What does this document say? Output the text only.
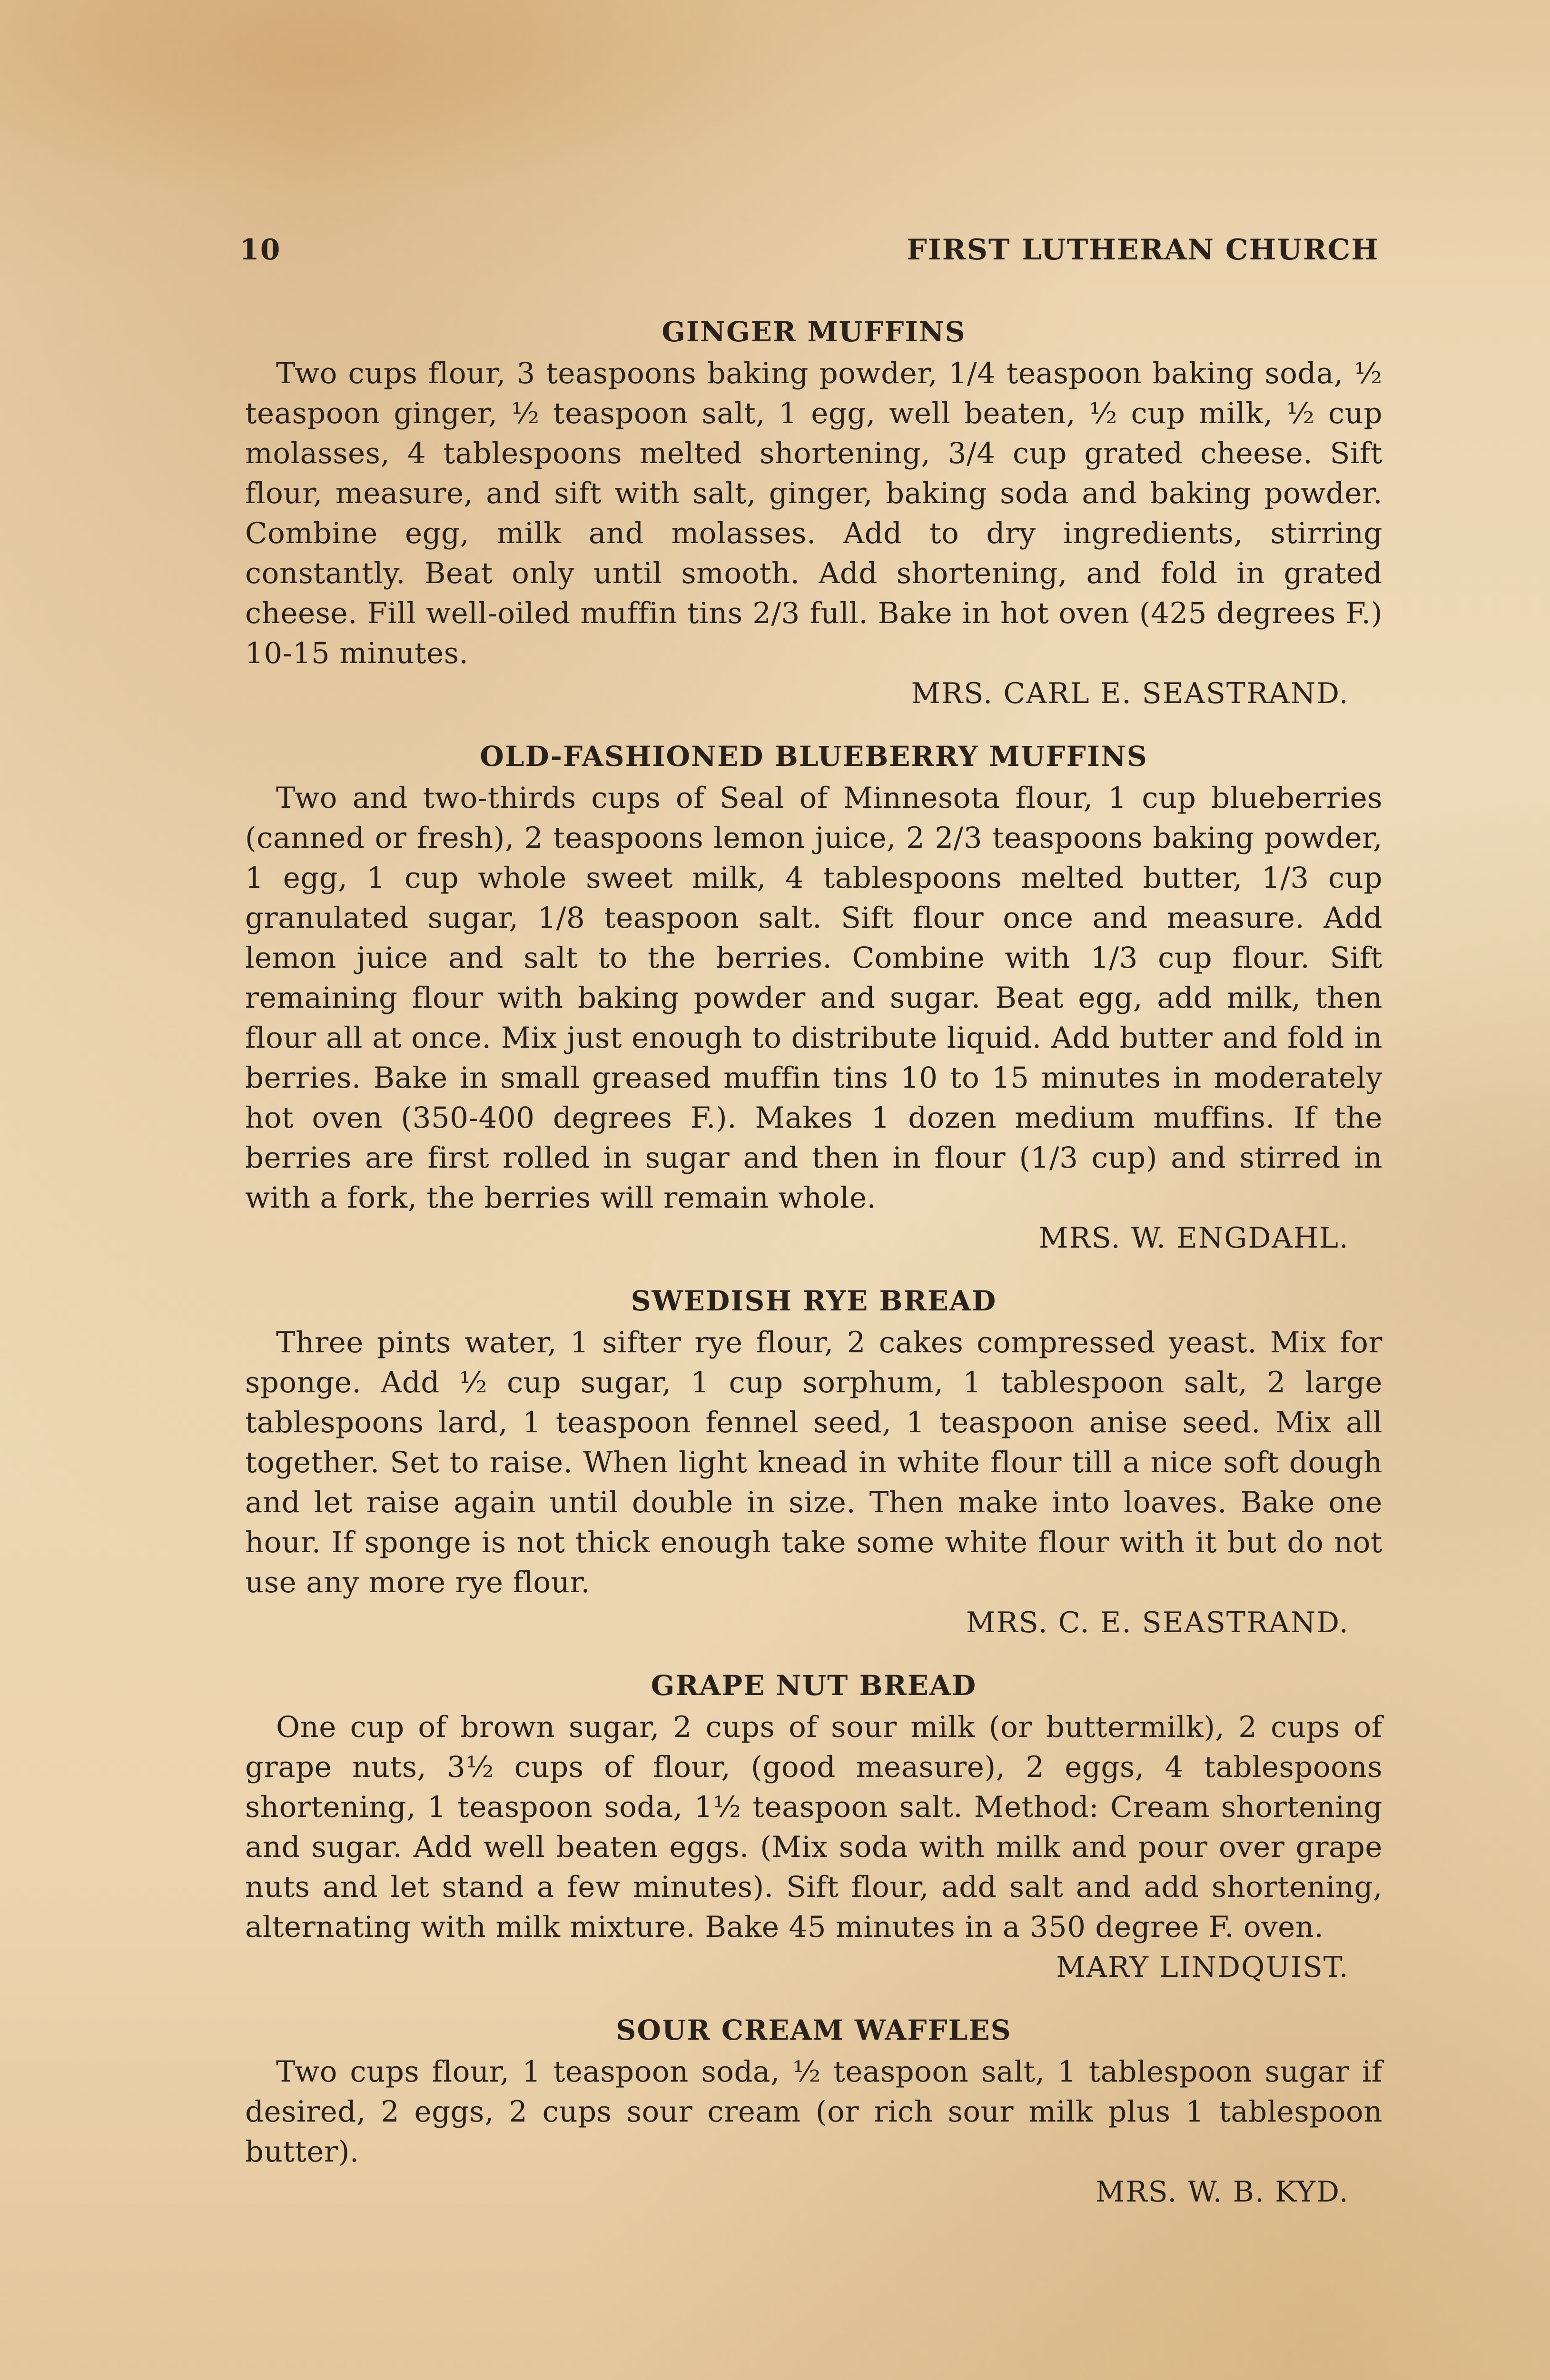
10	FIRST LUTHERAN CHURCH
GINGER MUFFINS

Two cups flour, 3 teaspoons baking powder, 1/4 teaspoon baking soda, ½ teaspoon ginger, ½ teaspoon salt, 1 egg, well beaten, ½ cup milk, ½ cup molasses, 4 tablespoons melted shortening, 3/4 cup grated cheese. Sift flour, measure, and sift with salt, ginger, baking soda and baking powder. Combine egg, milk and molasses. Add to dry ingredients, stirring constantly. Beat only until smooth. Add shortening, and fold in grated cheese. Fill well-oiled muffin tins 2/3 full. Bake in hot oven (425 degrees F.) 10-15 minutes.

MRS. CARL E. SEASTRAND.

OLD-FASHIONED BLUEBERRY MUFFINS

Two and two-thirds cups of Seal of Minnesota flour, 1 cup blueberries (canned or fresh), 2 teaspoons lemon juice, 2 2/3 teaspoons baking powder, 1 egg, 1 cup whole sweet milk, 4 tablespoons melted butter, 1/3 cup granulated sugar, 1/8 teaspoon salt. Sift flour once and measure. Add lemon juice and salt to the berries. Combine with 1/3 cup flour. Sift remaining flour with baking powder and sugar. Beat egg, add milk, then flour all at once. Mix just enough to distribute liquid. Add butter and fold in berries. Bake in small greased muffin tins 10 to 15 minutes in moderately hot oven (350-400 degrees F.). Makes 1 dozen medium muffins. If the berries are first rolled in sugar and then in flour (1/3 cup) and stirred in with a fork, the berries will remain whole.

MRS. W. ENGDAHL.

SWEDISH RYE BREAD

Three pints water, 1 sifter rye flour, 2 cakes compressed yeast. Mix for sponge. Add ½ cup sugar, 1 cup sorphum, 1 tablespoon salt, 2 large tablespoons lard, 1 teaspoon fennel seed, 1 teaspoon anise seed. Mix all together. Set to raise. When light knead in white flour till a nice soft dough and let raise again until double in size. Then make into loaves. Bake one hour. If sponge is not thick enough take some white flour with it but do not use any more rye flour.

MRS. C. E. SEASTRAND.

GRAPE NUT BREAD

One cup of brown sugar, 2 cups of sour milk (or buttermilk), 2 cups of grape nuts, 3½ cups of flour, (good measure), 2 eggs, 4 tablespoons shortening, 1 teaspoon soda, 1½ teaspoon salt. Method: Cream shortening and sugar. Add well beaten eggs. (Mix soda with milk and pour over grape nuts and let stand a few minutes). Sift flour, add salt and add shortening, alternating with milk mixture. Bake 45 minutes in a 350 degree F. oven.

MARY LINDQUIST.

SOUR CREAM WAFFLES

Two cups flour, 1 teaspoon soda, ½ teaspoon salt, 1 tablespoon sugar if desired, 2 eggs, 2 cups sour cream (or rich sour milk plus 1 tablespoon butter).

MRS. W. B. KYD.
